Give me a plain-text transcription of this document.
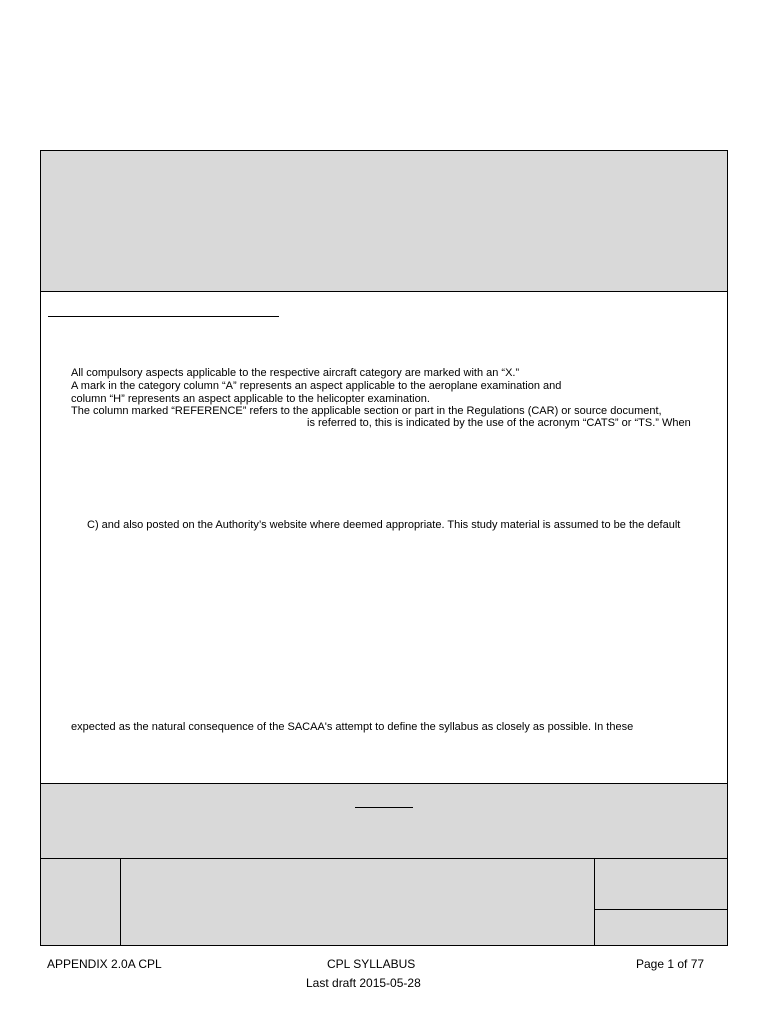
All compulsory aspects applicable to the respective aircraft category are marked with an “X.”
A mark in the category column “A” represents an aspect applicable to the aeroplane examination and
column “H” represents an aspect applicable to the helicopter examination.
The column marked “REFERENCE” refers to the applicable section or part in the Regulations (CAR) or source document,
is referred to, this is indicated by the use of the acronym “CATS” or “TS.” When
C) and also posted on the Authority’s website where deemed appropriate. This study material is assumed to be the default
expected as the natural consequence of the SACAA's attempt to define the syllabus as closely as possible. In these
APPENDIX 2.0A CPL	CPL SYLLABUS
Last draft 2015-05-28
Page 1 of 77
